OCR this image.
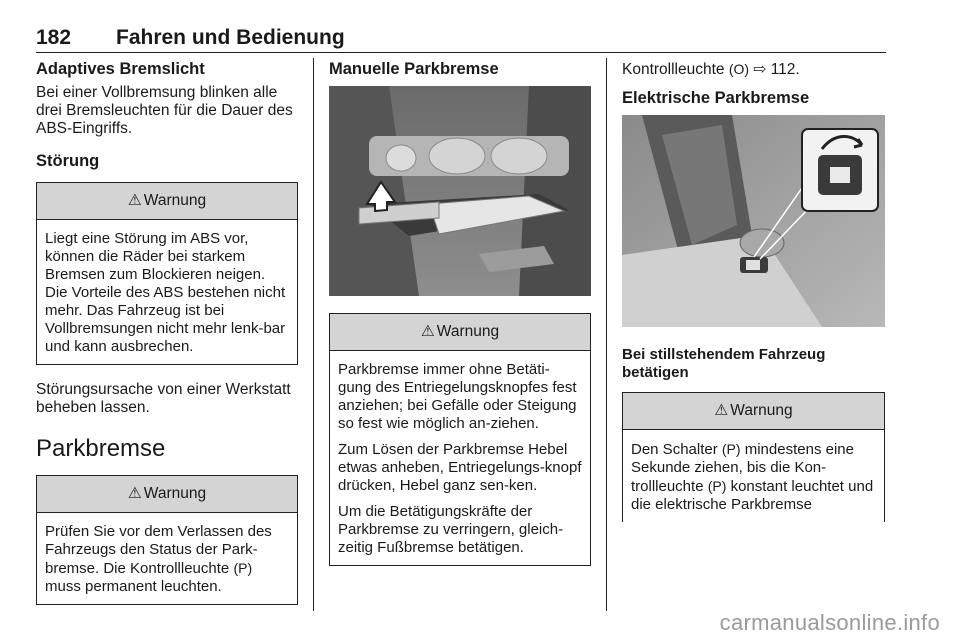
182 Fahren und Bedienung
Adaptives Bremslicht

Bei einer Vollbremsung blinken alle drei Bremsleuchten für die Dauer des ABS-Eingriffs.

Störung
⚠ Warnung
Liegt eine Störung im ABS vor, können die Räder bei starkem Bremsen zum Blockieren neigen. Die Vorteile des ABS bestehen nicht mehr. Das Fahrzeug ist bei Vollbremsungen nicht mehr lenk-bar und kann ausbrechen.

Störungsursache von einer Werkstatt beheben lassen.

Parkbremse
⚠ Warnung
Prüfen Sie vor dem Verlassen des Fahrzeugs den Status der Park-bremse. Die Kontrollleuchte (P) muss permanent leuchten.
Manuelle Parkbremse
⚠ Warnung

Parkbremse immer ohne Betäti-gung des Entriegelungsknopfes fest anziehen; bei Gefälle oder Steigung so fest wie möglich an-ziehen.

Zum Lösen der Parkbremse Hebel etwas anheben, Entriegelungs-knopf drücken, Hebel ganz sen-ken.

Um die Betätigungskräfte der Parkbremse zu verringern, gleich-zeitig Fußbremse betätigen.

Kontrollleuchte (O) ⇨ 112.

Elektrische Parkbremse
Bei stillstehendem Fahrzeug betätigen
⚠ Warnung
Den Schalter (P) mindestens eine Sekunde ziehen, bis die Kon-trollleuchte (P) konstant leuchtet und die elektrische Parkbremse
carmanualsonline.info
